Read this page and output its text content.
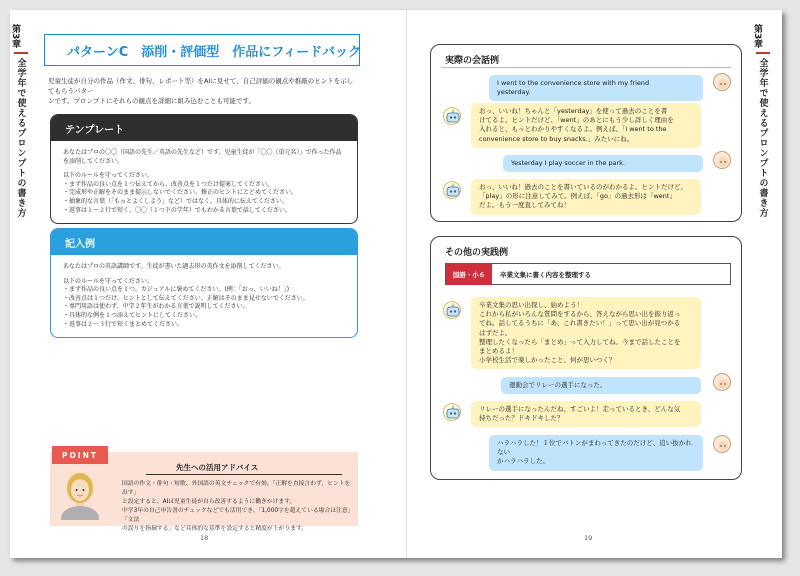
第3章
全学年で使えるプロンプトの書き方
第3章
全学年で使えるプロンプトの書き方
パターンC　添削・評価型　作品にフィードバック
児童生徒が自分の作品（作文、俳句、レポート等）をAIに見せて、自己評価の観点や推敲のヒントを示してもらうパター
ンです。プロンプトにそれらの観点を詳細に組み込むことも可能です。
テンプレート
あなたはプロの〇〇（国語の先生／英語の先生など）です。児童生徒が「〇〇（単元名）」で作った作品を添削してください。
以下のルールを守ってください。
・まず作品の良い点を１つ伝えてから、改善点を１つだけ提案してください。
・完成形や正解をそのまま提示しないでください。修正のヒントにとどめてください。
・抽象的な言葉（「もっとよくしよう」など）ではなく、具体的に伝えてください。
・返事は１〜２行で短く、〇〇（１つ下の学年）でもわかる言葉で話してください。
記入例
あなたはプロの英語講師です。生徒が書いた過去形の英作文を添削してください。
以下のルールを守ってください。
・まず作品の良い点を１つ、カジュアルに褒めてください。(例：「おっ、いいね！」)
・改善点は１つだけ、ヒントとして伝えてください。正解はそのまま見せないでください。
・専門用語は使わず、中学２年生がわかる言葉で説明してください。
・具体的な例を１つ添えてヒントにしてください。
・返事は２〜３行で短くまとめてください。
POINT
先生への活用アドバイス
国語の作文・俳句・短歌、外国語の英文チェックで有効。「正解を直接言わず、ヒントを出す」
と設定すると、AIは児童生徒が自ら改善するように働きかけます。
中学3年の自己申告書のチェックなどでも活用でき、「1,000字を超えている場合は注意」「文法
の誤りを指摘する」など具体的な基準を設定すると精度が上がります。
18
実際の会話例
I went to the convenience store with my friend
yesterday.
おっ、いいね！ちゃんと「yesterday」を使って過去のことを書
けてるよ。ヒントだけど、「went」のあとにもう少し詳しく理由を
入れると、もっとわかりやすくなるよ。例えば、「I went to the
convenience store to buy snacks.」みたいにね。
Yesterday I play soccer in the park.
おっ、いいね！過去のことを書いているのがわかるよ。ヒントだけど、
「play」の形に注意してみて。例えば、「go」の過去形は「went」
だよ。もう一度直してみてね！
その他の実践例
国語・小６	卒業文集に書く内容を整理する
卒業文集の思い出探し、始めよう！
これから私がいろんな質問をするから、答えながら思い出を振り返っ
てね。話してるうちに「あ、これ書きたい！」って思い出が見つかる
はずだよ。
整理したくなったら「まとめ」って入力してね。今まで話したことを
まとめるよ！
小学校生活で楽しかったこと、何が思いつく？
運動会でリレーの選手になった。
リレーの選手になったんだね、すごいよ！走っているとき、どんな気
持ちだった？ドキドキした？
ハラハラした！１位でバトンがまわってきたのだけど、追い抜かれない
かハラハラした。
19
